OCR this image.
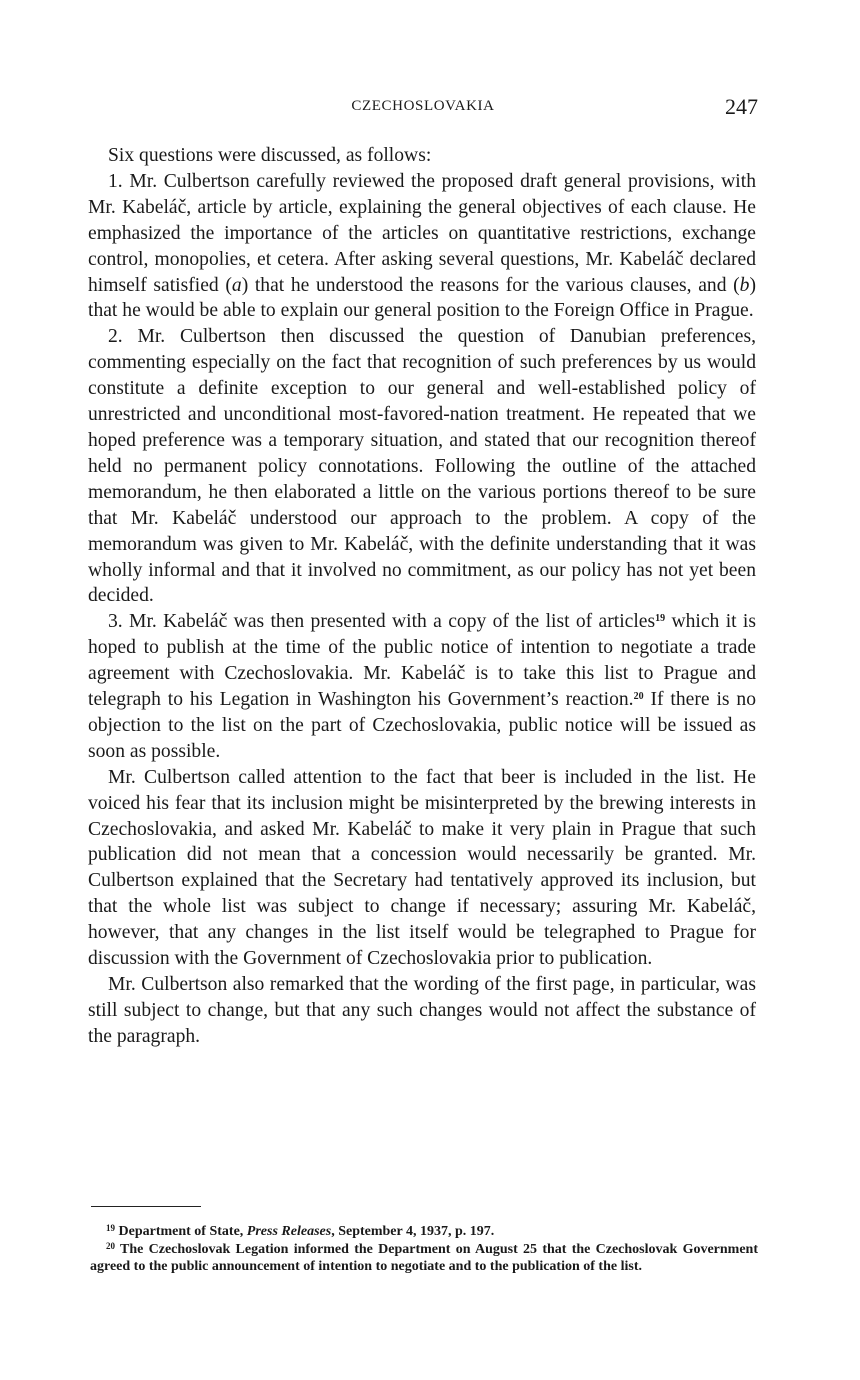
CZECHOSLOVAKIA	247

Six questions were discussed, as follows:

1. Mr. Culbertson carefully reviewed the proposed draft general provisions, with Mr. Kabeláč, article by article, explaining the general objectives of each clause. He emphasized the importance of the articles on quantitative restrictions, exchange control, monopolies, et cetera. After asking several questions, Mr. Kabeláč declared himself satisfied (a) that he understood the reasons for the various clauses, and (b) that he would be able to explain our general position to the Foreign Office in Prague.

2. Mr. Culbertson then discussed the question of Danubian preferences, commenting especially on the fact that recognition of such preferences by us would constitute a definite exception to our general and well-established policy of unrestricted and unconditional most-favored-nation treatment. He repeated that we hoped preference was a temporary situation, and stated that our recognition thereof held no permanent policy connotations. Following the outline of the attached memorandum, he then elaborated a little on the various portions thereof to be sure that Mr. Kabeláč understood our approach to the problem. A copy of the memorandum was given to Mr. Kabeláč, with the definite understanding that it was wholly informal and that it involved no commitment, as our policy has not yet been decided.

3. Mr. Kabeláč was then presented with a copy of the list of articles$^{19}$ which it is hoped to publish at the time of the public notice of intention to negotiate a trade agreement with Czechoslovakia. Mr. Kabeláč is to take this list to Prague and telegraph to his Legation in Washington his Government’s reaction.$^{20}$ If there is no objection to the list on the part of Czechoslovakia, public notice will be issued as soon as possible.

Mr. Culbertson called attention to the fact that beer is included in the list. He voiced his fear that its inclusion might be misinterpreted by the brewing interests in Czechoslovakia, and asked Mr. Kabeláč to make it very plain in Prague that such publication did not mean that a concession would necessarily be granted. Mr. Culbertson explained that the Secretary had tentatively approved its inclusion, but that the whole list was subject to change if necessary; assuring Mr. Kabeláč, however, that any changes in the list itself would be telegraphed to Prague for discussion with the Government of Czechoslovakia prior to publication.

Mr. Culbertson also remarked that the wording of the first page, in particular, was still subject to change, but that any such changes would not affect the substance of the paragraph.

$^{19}$ Department of State, Press Releases, September 4, 1937, p. 197.

$^{20}$ The Czechoslovak Legation informed the Department on August 25 that the Czechoslovak Government agreed to the public announcement of intention to negotiate and to the publication of the list.
